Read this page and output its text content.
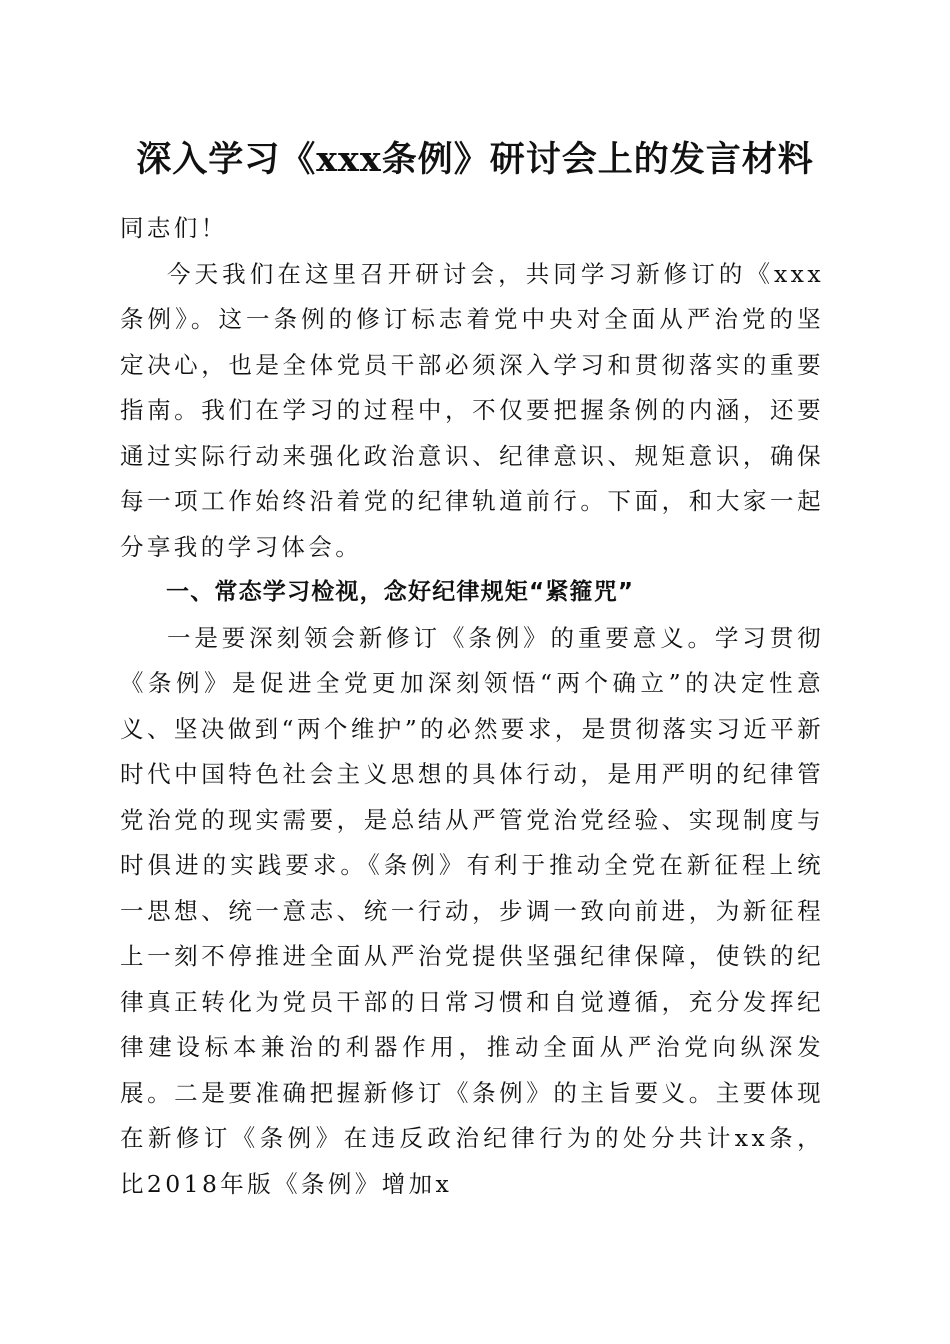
深入学习《xxx条例》研讨会上的发言材料

同志们！

今天我们在这里召开研讨会，共同学习新修订的《xxx条例》。这一条例的修订标志着党中央对全面从严治党的坚定决心，也是全体党员干部必须深入学习和贯彻落实的重要指南。我们在学习的过程中，不仅要把握条例的内涵，还要通过实际行动来强化政治意识、纪律意识、规矩意识，确保每一项工作始终沿着党的纪律轨道前行。下面，和大家一起分享我的学习体会。

一、常态学习检视，念好纪律规矩“紧箍咒”

一是要深刻领会新修订《条例》的重要意义。学习贯彻《条例》是促进全党更加深刻领悟“两个确立”的决定性意义、坚决做到“两个维护”的必然要求，是贯彻落实习近平新时代中国特色社会主义思想的具体行动，是用严明的纪律管党治党的现实需要，是总结从严管党治党经验、实现制度与时俱进的实践要求。《条例》有利于推动全党在新征程上统一思想、统一意志、统一行动，步调一致向前进，为新征程上一刻不停推进全面从严治党提供坚强纪律保障，使铁的纪律真正转化为党员干部的日常习惯和自觉遵循，充分发挥纪律建设标本兼治的利器作用，推动全面从严治党向纵深发展。二是要准确把握新修订《条例》的主旨要义。主要体现在新修订《条例》在违反政治纪律行为的处分共计xx条，比2018年版《条例》增加x
